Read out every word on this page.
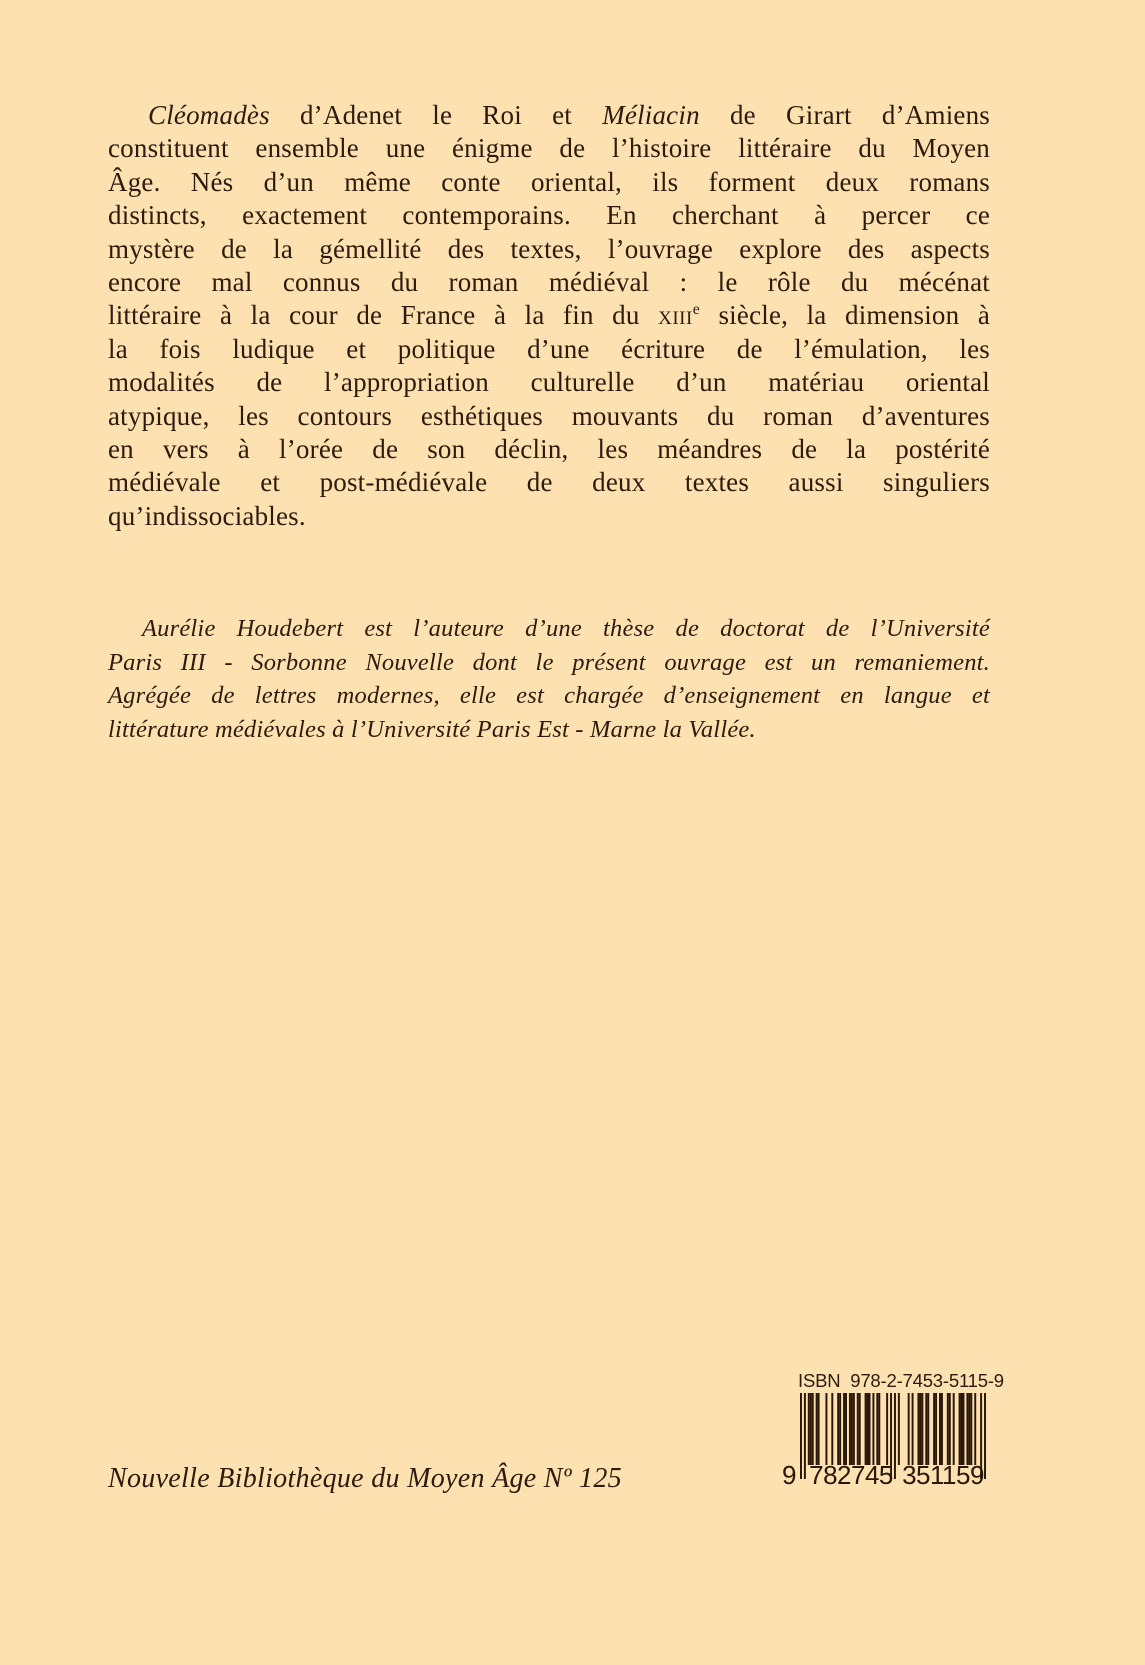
Cléomadès d’Adenet le Roi et Méliacin de Girart d’Amiens
constituent ensemble une énigme de l’histoire littéraire du Moyen
Âge. Nés d’un même conte oriental, ils forment deux romans
distincts, exactement contemporains. En cherchant à percer ce
mystère de la gémellité des textes, l’ouvrage explore des aspects
encore mal connus du roman médiéval : le rôle du mécénat
littéraire à la cour de France à la fin du xiii$^e$ siècle, la dimension à
la fois ludique et politique d’une écriture de l’émulation, les
modalités de l’appropriation culturelle d’un matériau oriental
atypique, les contours esthétiques mouvants du roman d’aventures
en vers à l’orée de son déclin, les méandres de la postérité
médiévale et post-médiévale de deux textes aussi singuliers
qu’indissociables.
Aurélie Houdebert est l’auteure d’une thèse de doctorat de l’Université
Paris III - Sorbonne Nouvelle dont le présent ouvrage est un remaniement.
Agrégée de lettres modernes, elle est chargée d’enseignement en langue et
littérature médiévales à l’Université Paris Est - Marne la Vallée.
Nouvelle Bibliothèque du Moyen Âge Nº 125
ISBN  978-2-7453-5115-9
9 782745 351159
